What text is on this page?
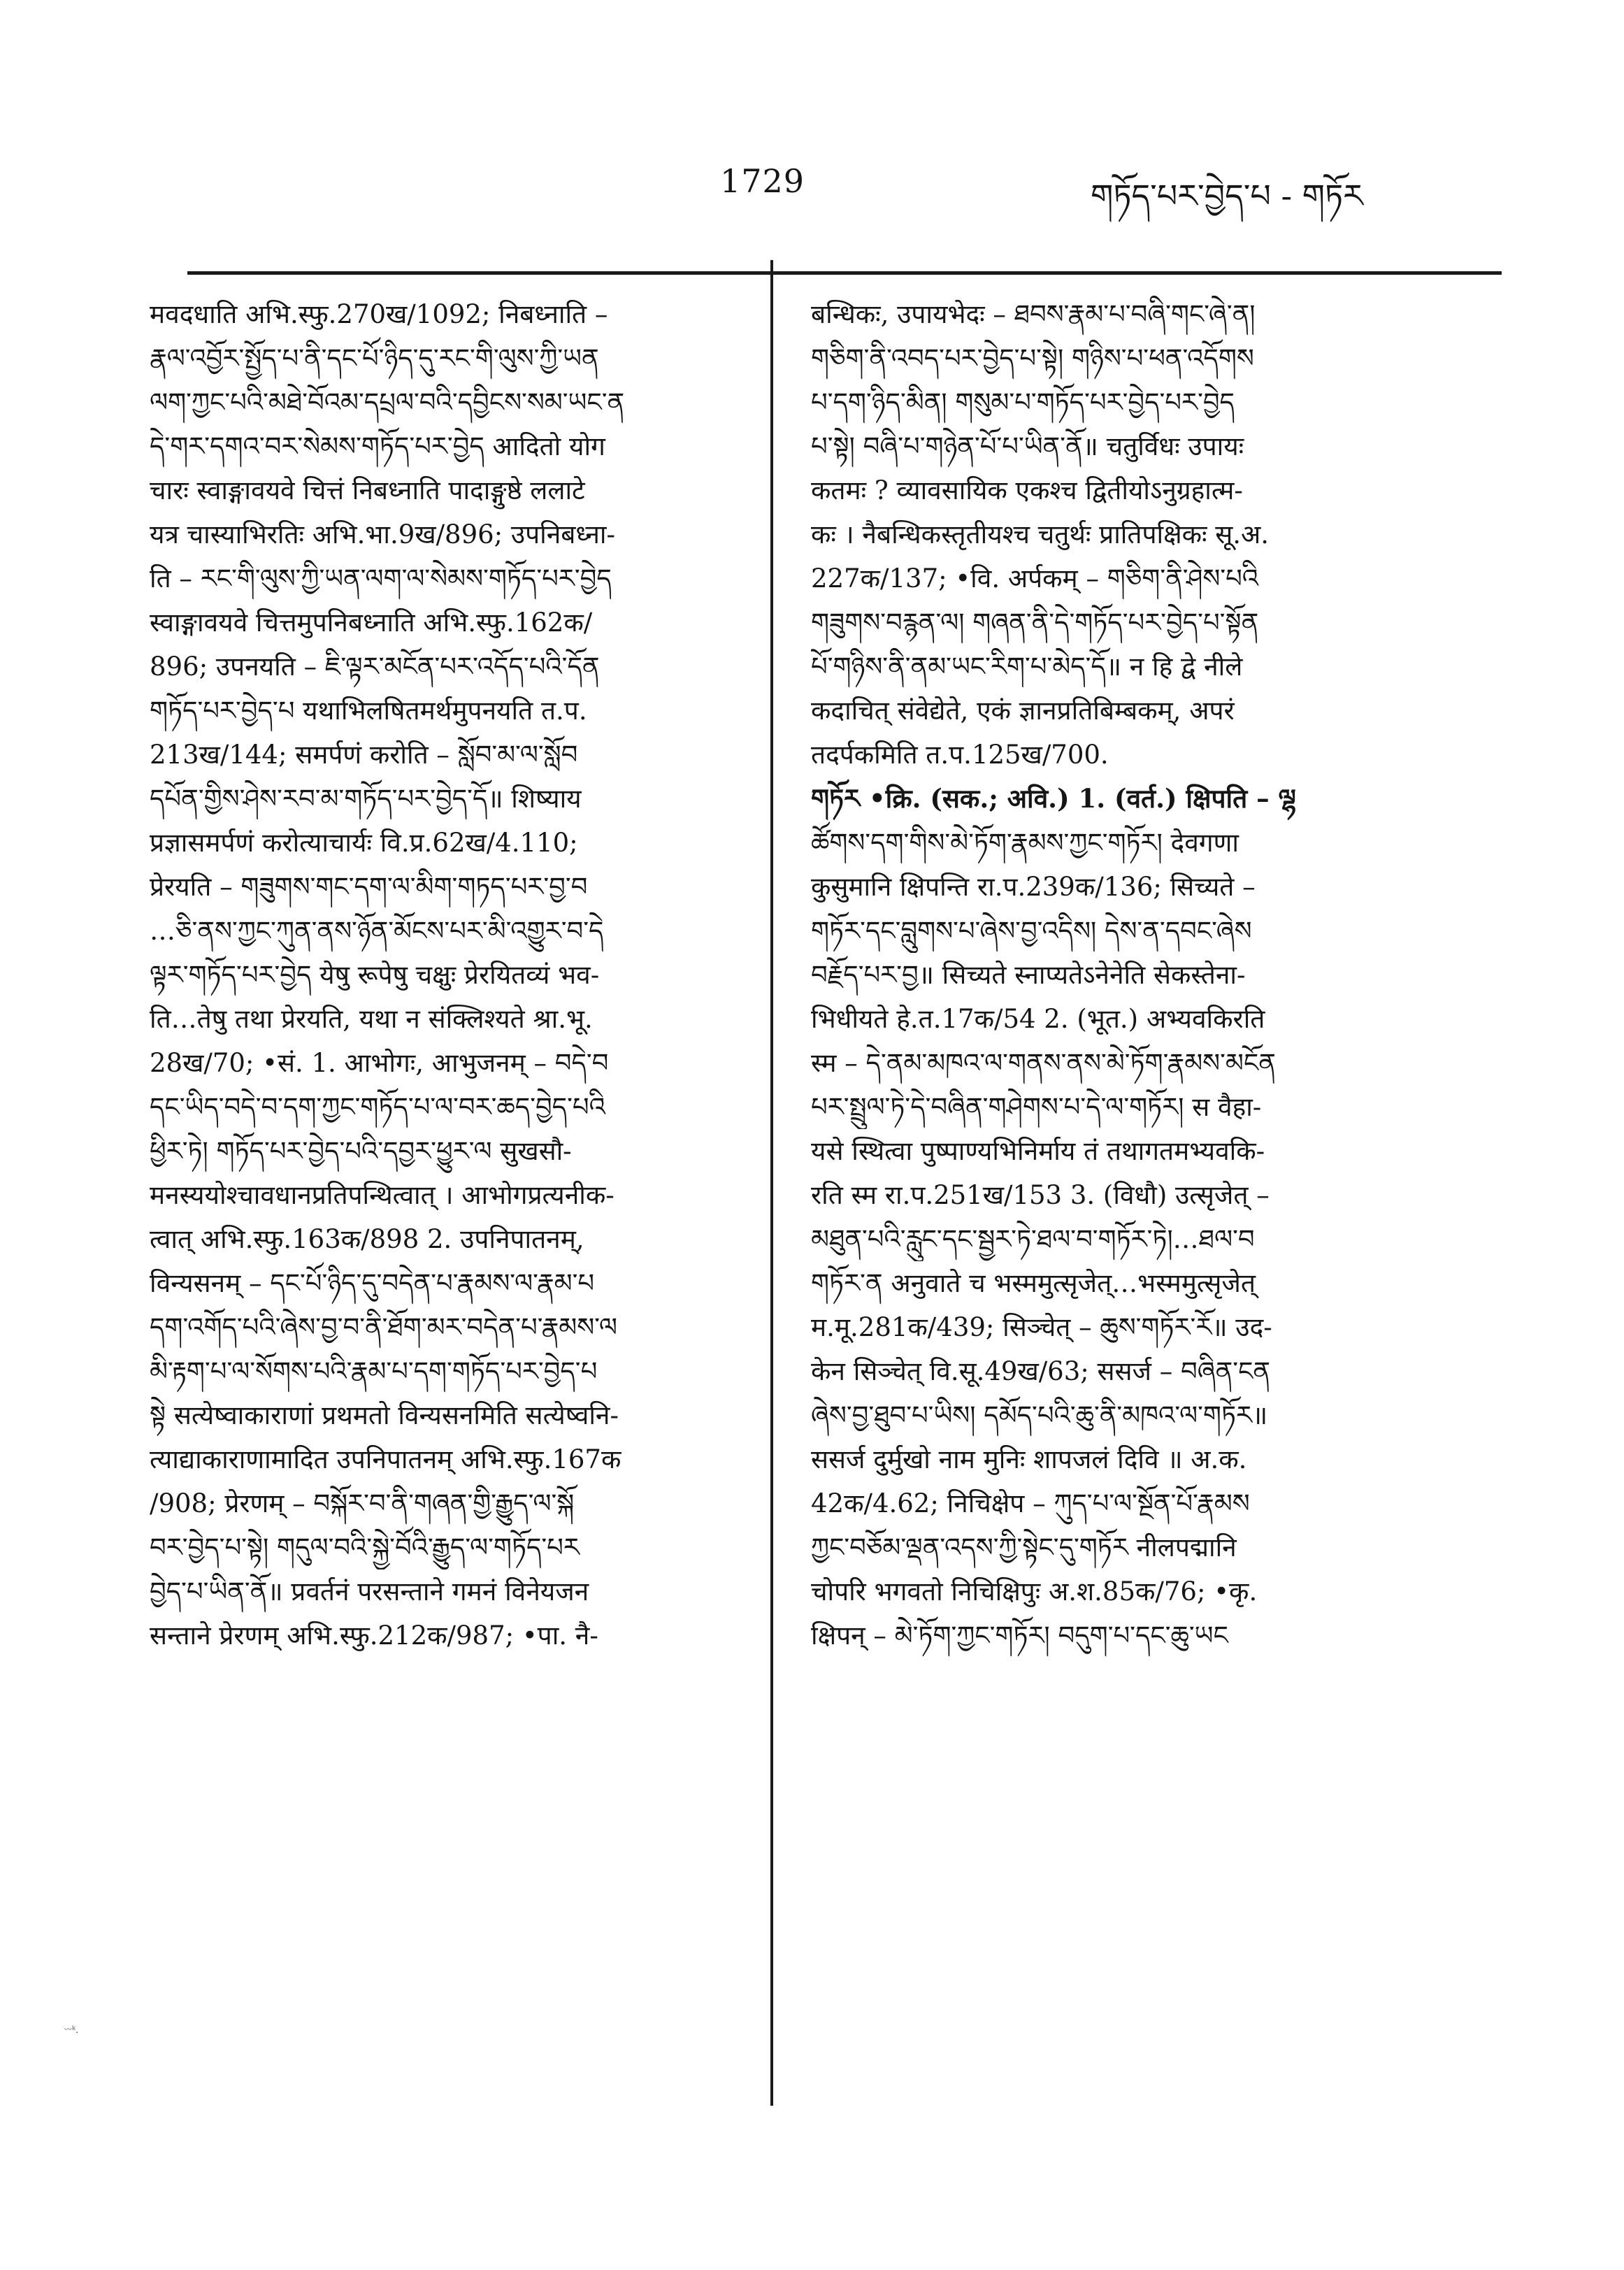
1729	གཏོད་པར་བྱེད་པ - གཏོར
मवदधाति अभि.स्फु.270ख/1092; निबध्नाति –
རྣལ་འབྱོར་སྤྱོད་པ་ནི་དང་པོ་ཉིད་དུ་རང་གི་ལུས་ཀྱི་ཡན
ལག་ཀྱང་པའི་མཐེ་བོའམ་དཔྲལ་བའི་དབྱིངས་སམ་ཡང་ན
དེ་གར་དགའ་བར་སེམས་གཏོད་པར་བྱེད आदितो योग
चारः स्वाङ्गावयवे चित्तं निबध्नाति पादाङ्गुष्ठे ललाटे
यत्र चास्याभिरतिः अभि.भा.9ख/896; उपनिबध्ना-
ति – རང་གི་ལུས་ཀྱི་ཡན་ལག་ལ་སེམས་གཏོད་པར་བྱེད
स्वाङ्गावयवे चित्तमुपनिबध्नाति अभि.स्फु.162क/
896; उपनयति – ཇི་ལྟར་མངོན་པར་འདོད་པའི་དོན
གཏོད་པར་བྱེད་པ यथाभिलषितमर्थमुपनयति त.प.
213ख/144; समर्पणं करोति – སློབ་མ་ལ་སློབ
དཔོན་གྱིས་ཤེས་རབ་མ་གཏོད་པར་བྱེད་དོ॥ शिष्याय
प्रज्ञासमर्पणं करोत्याचार्यः वि.प्र.62ख/4.110;
प्रेरयति – གཟུགས་གང་དག་ལ་མིག་གཏད་པར་བྱ་བ
…ཅི་ནས་ཀྱང་ཀུན་ནས་ཉོན་མོངས་པར་མི་འགྱུར་བ་དེ
ལྟར་གཏོད་པར་བྱེད येषु रूपेषु चक्षुः प्रेरयितव्यं भव-
ति…तेषु तथा प्रेरयति, यथा न संक्लिश्यते श्रा.भू.
28ख/70; •सं. 1. आभोगः, आभुजनम् – བདེ་བ
དང་ཡིད་བདེ་བ་དག་ཀྱང་གཏོད་པ་ལ་བར་ཆད་བྱེད་པའི
ཕྱིར་ཏེ། གཏོད་པར་བྱེད་པའི་དབྱར་ཕྱུར་ལ सुखसौ-
मनस्ययोश्चावधानप्रतिपन्थित्वात् । आभोगप्रत्यनीक-
त्वात् अभि.स्फु.163क/898 2. उपनिपातनम्,
विन्यसनम् – དང་པོ་ཉིད་དུ་བདེན་པ་རྣམས་ལ་རྣམ་པ
དག་འགོད་པའི་ཞེས་བྱ་བ་ནི་ཐོག་མར་བདེན་པ་རྣམས་ལ
མི་རྟག་པ་ལ་སོགས་པའི་རྣམ་པ་དག་གཏོད་པར་བྱེད་པ
སྟེ सत्येष्वाकाराणां प्रथमतो विन्यसनमिति सत्येष्वनि-
त्याद्याकाराणामादित उपनिपातनम् अभि.स्फु.167क
/908; प्रेरणम् – བསྐོར་བ་ནི་གཞན་གྱི་རྒྱུད་ལ་སྐོ
བར་བྱེད་པ་སྟེ། གདུལ་བའི་སྐྱེ་བོའི་རྒྱུད་ལ་གཏོད་པར
བྱེད་པ་ཡིན་ནོ॥ प्रवर्तनं परसन्ताने गमनं विनेयजन
सन्ताने प्रेरणम् अभि.स्फु.212क/987; •पा. नै-
बन्धिकः, उपायभेदः – ཐབས་རྣམ་པ་བཞི་གང་ཞེ་ན།
གཅིག་ནི་འབད་པར་བྱེད་པ་སྟེ། གཉིས་པ་ཕན་འདོགས
པ་དག་ཉིད་མིན། གསུམ་པ་གཏོད་པར་བྱེད་པར་བྱེད
པ་སྟེ། བཞི་པ་གཉེན་པོ་པ་ཡིན་ནོ॥ चतुर्विधः उपायः
कतमः ? व्यावसायिक एकश्च द्वितीयोऽनुग्रहात्म-
कः । नैबन्धिकस्तृतीयश्च चतुर्थः प्रातिपक्षिकः सू.अ.
227क/137; •वि. अर्पकम् – གཅིག་ནི་ཤེས་པའི
གཟུགས་བརྙན་ལ། གཞན་ནི་དེ་གཏོད་པར་བྱེད་པ་སྟོན
པོ་གཉིས་ནི་ནམ་ཡང་རིག་པ་མེད་དོ॥ न हि द्वे नीले
कदाचित् संवेद्येते, एकं ज्ञानप्रतिबिम्बकम्, अपरं
तदर्पकमिति त.प.125ख/700.
གཏོར •क्रि. (सक.; अवि.) 1. (वर्त.) क्षिपति – ལྷ
ཚོགས་དག་གིས་མེ་ཏོག་རྣམས་ཀྱང་གཏོར། देवगणा
कुसुमानि क्षिपन्ति रा.प.239क/136; सिच्यते –
གཏོར་དང་བླུགས་པ་ཞེས་བྱ་འདིས། དེས་ན་དབང་ཞེས
བརྗོད་པར་བྱ॥ सिच्यते स्नाप्यतेऽनेनेति सेकस्तेना-
भिधीयते हे.त.17क/54 2. (भूत.) अभ्यवकिरति
स्म – དེ་ནམ་མཁའ་ལ་གནས་ནས་མེ་ཏོག་རྣམས་མངོན
པར་སྤྲུལ་ཏེ་དེ་བཞིན་གཤེགས་པ་དེ་ལ་གཏོར། स वैहा-
यसे स्थित्वा पुष्पाण्यभिनिर्माय तं तथागतमभ्यवकि-
रति स्म रा.प.251ख/153 3. (विधौ) उत्सृजेत् –
མཐུན་པའི་རླུང་དང་སྦྱར་ཏེ་ཐལ་བ་གཏོར་ཏེ།…ཐལ་བ
གཏོར་ན अनुवाते च भस्ममुत्सृजेत्…भस्ममुत्सृजेत्
म.मू.281क/439; सिञ्चेत् – ཆུས་གཏོར་རོ॥ उद-
केन सिञ्चेत् वि.सू.49ख/63; ससर्ज – བཞིན་ངན
ཞེས་བྱ་ཐུབ་པ་ཡིས། དམོད་པའི་ཆུ་ནི་མཁའ་ལ་གཏོར॥
ससर्ज दुर्मुखो नाम मुनिः शापजलं दिवि ॥ अ.क.
42क/4.62; निचिक्षेप – ཀུད་པ་ལ་སྔོན་པོ་རྣམས
ཀྱང་བཅོམ་ལྡན་འདས་ཀྱི་སྟེང་དུ་གཏོར नीलपद्मानि
चोपरि भगवतो निचिक्षिपुः अ.श.85क/76; •कृ.
क्षिपन् – མེ་ཏོག་ཀྱང་གཏོར། བདུག་པ་དང་ཆུ་ཡང
ᵕᵕᵏ.
